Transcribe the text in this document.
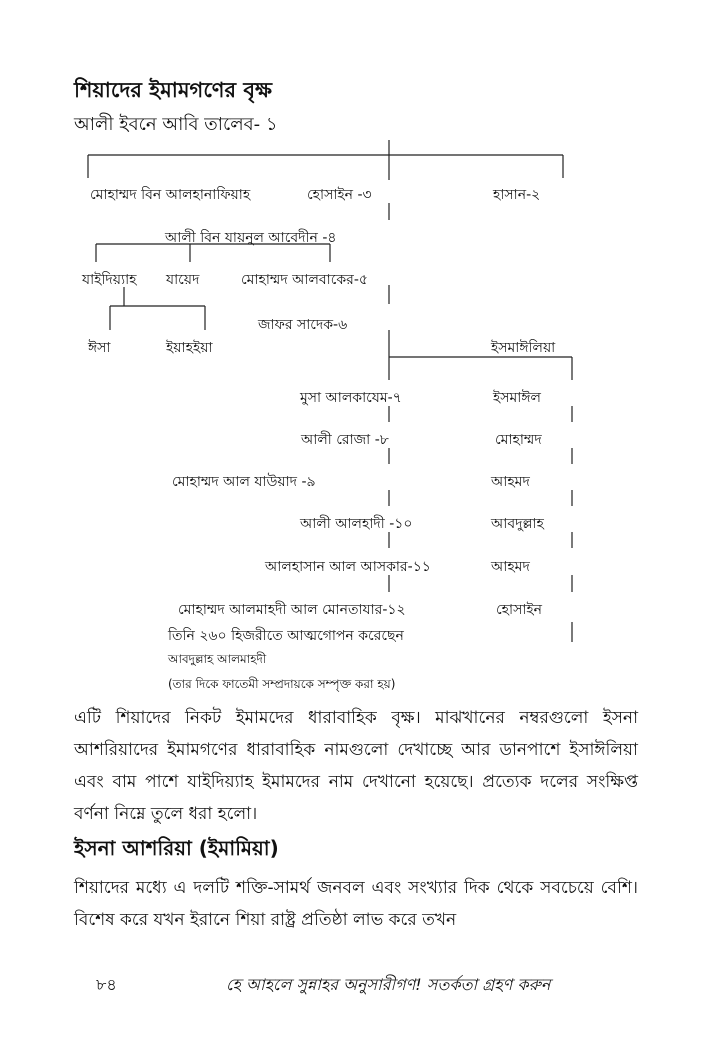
শিয়াদের ইমামগণের বৃক্ষ
আলী ইবনে আবি তালেব- ১
মোহাম্মদ বিন আলহানাফিয়াহ	হোসাইন -৩	হাসান-২
আলী বিন যায়নুল আবেদীন -৪
যাইদিয়্যাহ যায়েদ	মোহাম্মদ আলবাকের-৫
জাফর সাদেক-৬
ঈসা	ইয়াহইয়া	ইসমাঈলিয়া
মুসা আলকাযেম-৭	ইসমাঈল
আলী রোজা -৮	মোহাম্মদ
মোহাম্মদ আল যাউয়াদ -৯	আহমদ
আলী আলহাদী -১০	আবদুল্লাহ
আলহাসান আল আসকার-১১	আহমদ
মোহাম্মদ আলমাহদী আল মোনতাযার-১২	হোসাইন
তিনি ২৬০ হিজরীতে আত্মগোপন করেছেন
আবদুল্লাহ আলমাহদী
(তার দিকে ফাতেমী সম্প্রদায়কে সম্পৃক্ত করা হয়)
এটি শিয়াদের নিকট ইমামদের ধারাবাহিক বৃক্ষ। মাঝখানের নম্বরগুলো ইসনা আশরিয়াদের ইমামগণের ধারাবাহিক নামগুলো দেখাচ্ছে আর ডানপাশে ইসাঈলিয়া এবং বাম পাশে যাইদিয়্যাহ ইমামদের নাম দেখানো হয়েছে। প্রত্যেক দলের সংক্ষিপ্ত বর্ণনা নিম্নে তুলে ধরা হলো।
ইসনা আশরিয়া (ইমামিয়া)
শিয়াদের মধ্যে এ দলটি শক্তি-সামর্থ জনবল এবং সংখ্যার দিক থেকে সবচেয়ে বেশি। বিশেষ করে যখন ইরানে শিয়া রাষ্ট্র প্রতিষ্ঠা লাভ করে তখন
৮৪	হে আহলে সুন্নাহর অনুসারীগণ! সতর্কতা গ্রহণ করুন
